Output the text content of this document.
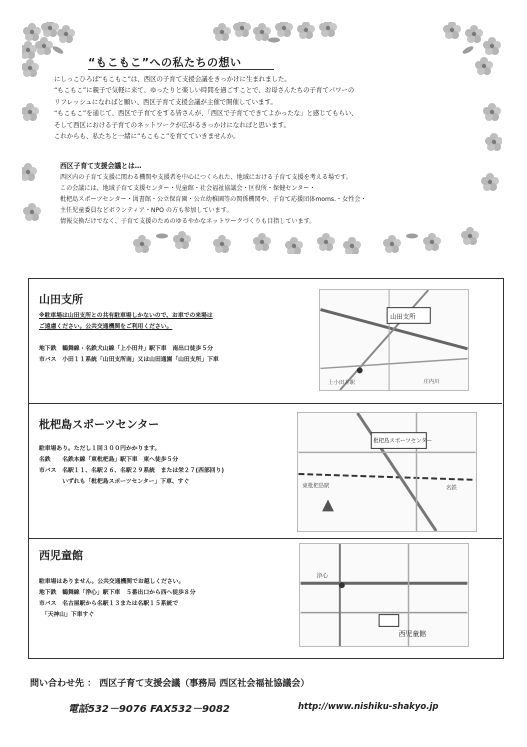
“もこもこ”への私たちの想い

にしっこひろば“もこもこ”は、西区の子育て支援会議をきっかけに生まれました。

“もこもこ”に親子で気軽に来て、ゆったりと楽しい時間を過ごすことで、お母さんたちの子育てパワーの

リフレッシュになればと願い、西区子育て支援会議が主催で開催しています。

“もこもこ”を通じて、西区で子育てをする皆さんが、「西区で子育てできてよかったな」と感じてもらい、

そして西区における子育てのネットワークが広がるきっかけになればと思います。

これからも、私たちと一緒に“もこもこ”を育てていきませんか。

西区子育て支援会議とは…

西区内の子育て支援に関わる機関や支援者を中心につくられた、地域における子育て支援を考える場です。

この会議には、地域子育て支援センター・児童館・社会福祉協議会・区役所・保健センター・

枇杷島スポーツセンター・図書館・公立保育園・公立幼稚園等の関係機関や、子育て応援団体moms.・女性会・

主任児童委員などボランティア・NPO の方も参加しています。

情報交換だけでなく、子育て支援のためのゆるやかなネットワークづくりも目指しています。

山田支所
※駐車場は山田支所との共有駐車場しかないので、お車での来場は
ご遠慮ください。公共交通機関をご利用ください。

地下鉄　鶴舞線・名鉄犬山線「上小田井」駅下車　南出口徒歩５分
市バス　小田１１系統「山田支所南」又は山田通園「山田支所」下車
山田支所
上小田井駅	庄内川
枇杷島スポーツセンター
駐車場あり。ただし１回３００円かかります。
名鉄　　名鉄本線「東枇杷島」駅下車　東へ徒歩５分
市バス　名駅１１、名駅２６、名駅２９系統　または栄２７(西部回り)
　　　　いずれも「枇杷島スポーツセンター」下車、すぐ
枇杷島スポーツセンター
東枇杷島駅	名鉄
西児童館
駐車場はありません。公共交通機関でお越しください。
地下鉄　鶴舞線「浄心」駅下車　５番出口から西へ徒歩８分
市バス　名古屋駅から名駅１３または名駅１５系統で
　「天神山」下車すぐ
西児童館
浄心
問い合わせ先 ： 西区子育て支援会議（事務局 西区社会福祉協議会）
電話532－9076 FAX532－9082	http://www.nishiku-shakyo.jp
